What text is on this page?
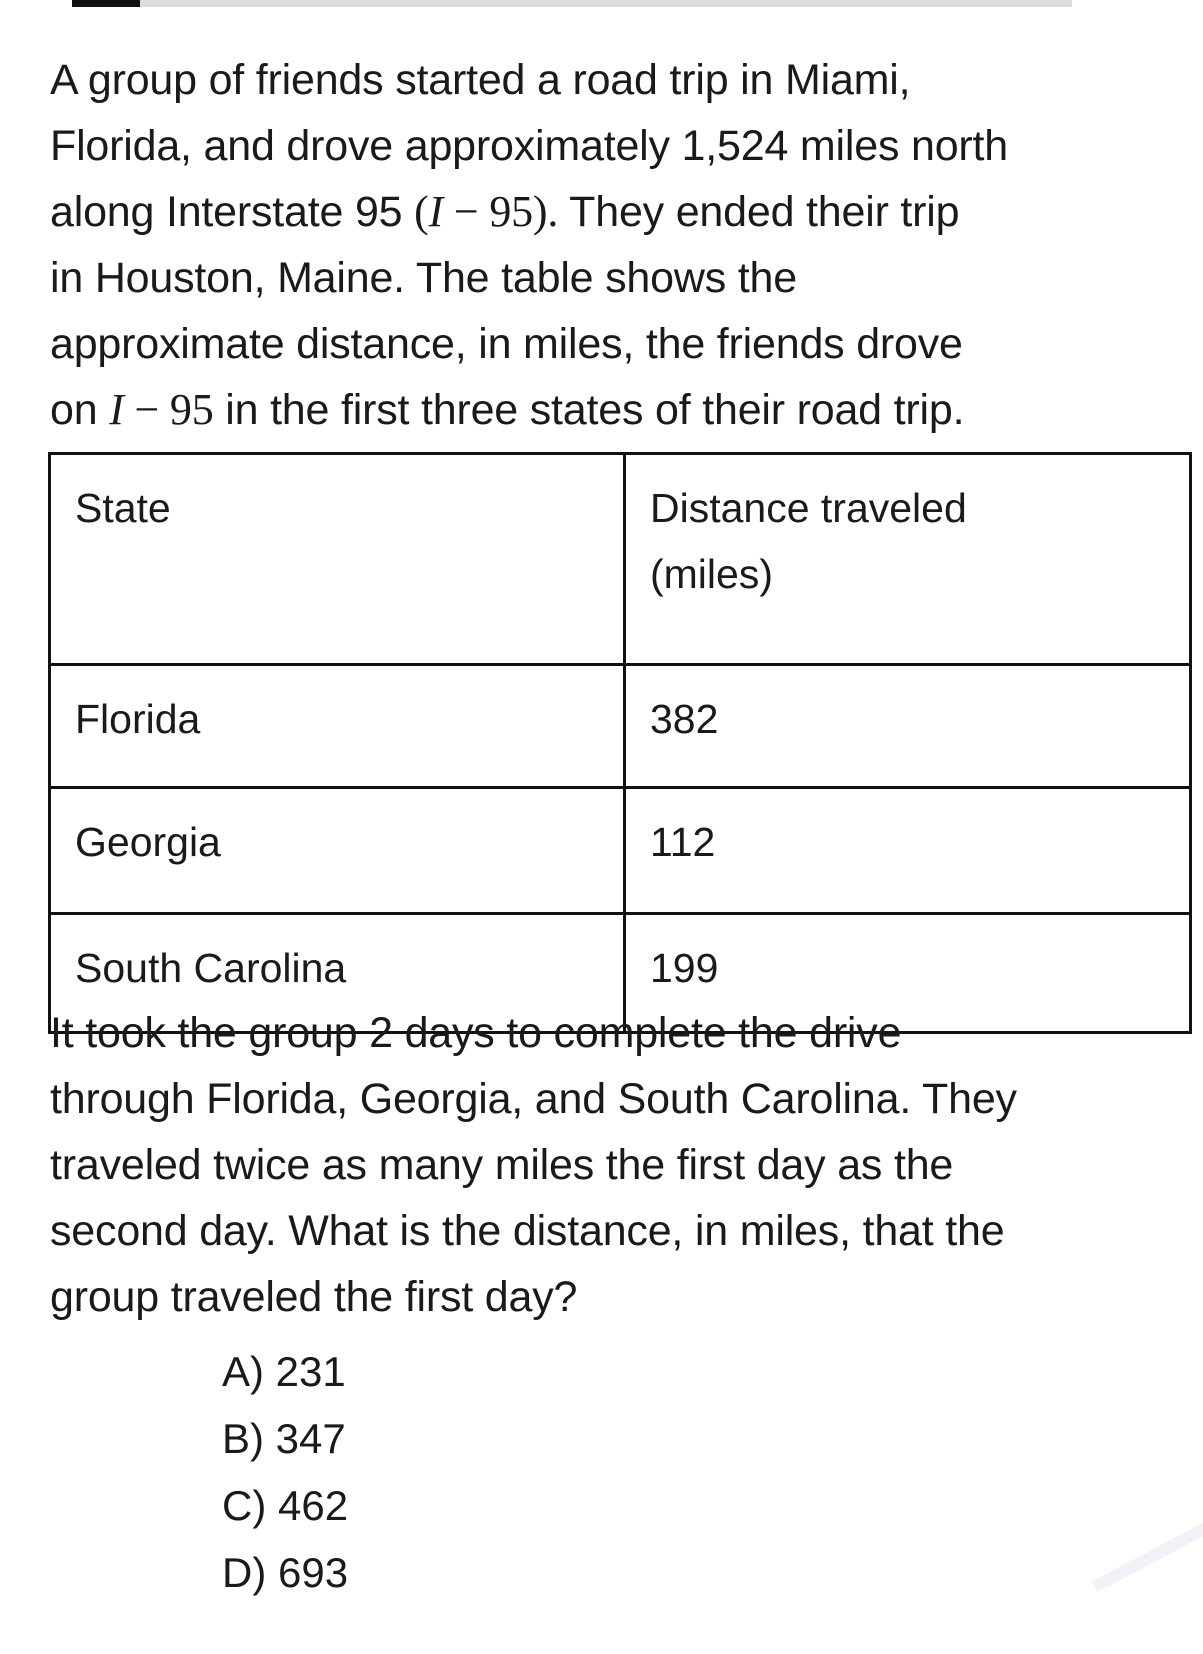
A group of friends started a road trip in Miami,
Florida, and drove approximately 1,524 miles north
along Interstate 95 (I − 95). They ended their trip
in Houston, Maine. The table shows the
approximate distance, in miles, the friends drove
on I − 95 in the first three states of their road trip.
State	Distance traveled
(miles)
Florida	382
Georgia	112
South Carolina	199
It took the group 2 days to complete the drive
through Florida, Georgia, and South Carolina. They
traveled twice as many miles the first day as the
second day. What is the distance, in miles, that the
group traveled the first day?
A) 231
B) 347
C) 462
D) 693
